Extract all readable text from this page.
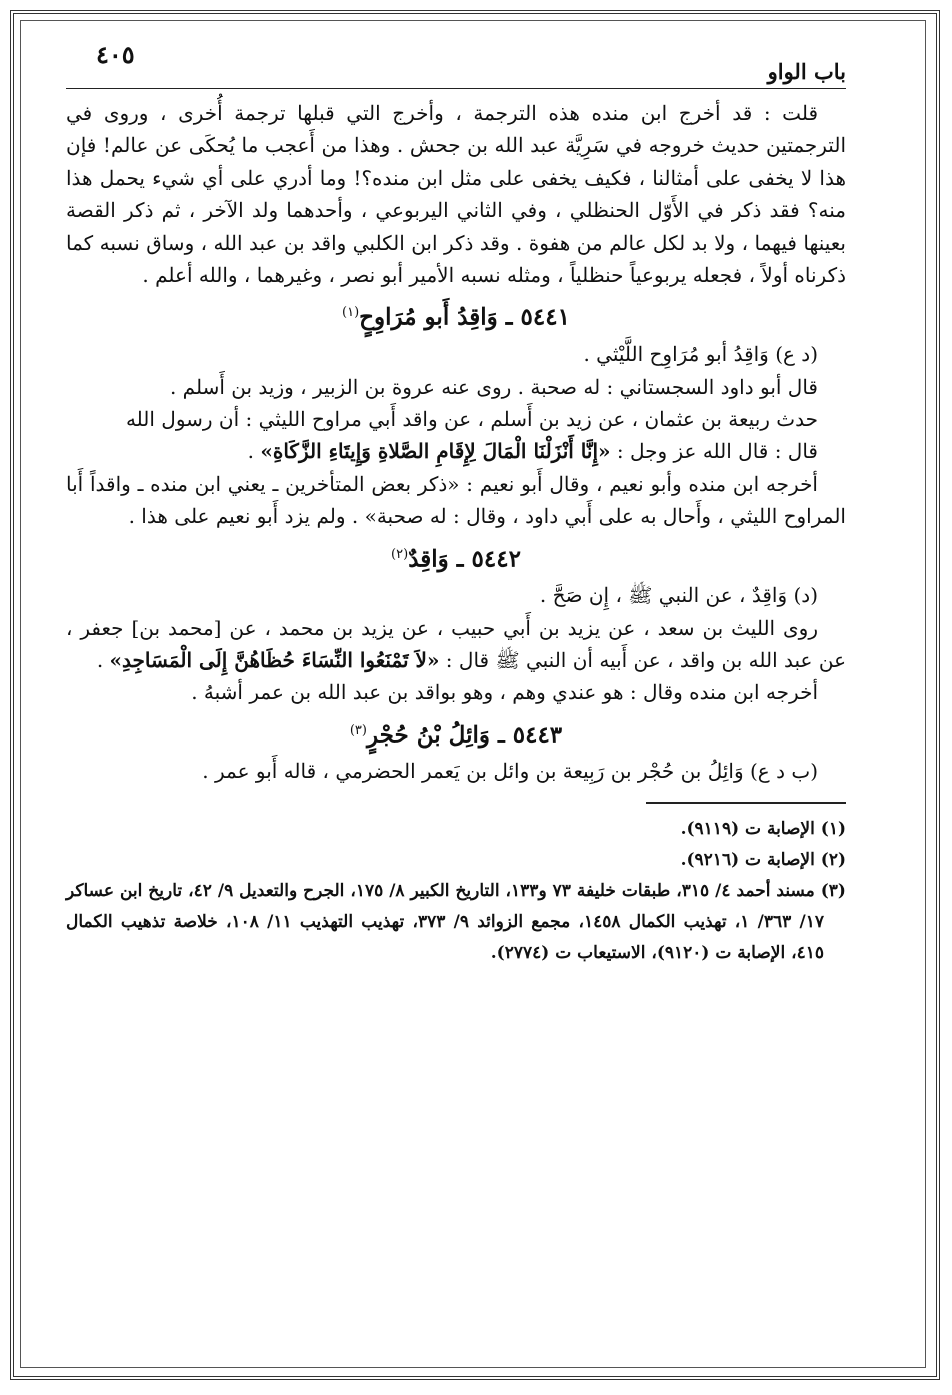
باب الواو
٤٠٥

قلت : قد أخرج ابن منده هذه الترجمة ، وأخرج التي قبلها ترجمة أُخرى ، وروى في الترجمتين حديث خروجه في سَرِيَّة عبد الله بن جحش . وهذا من أَعجب ما يُحكَى عن عالم! فإن هذا لا يخفى على أمثالنا ، فكيف يخفى على مثل ابن منده؟! وما أدري على أي شيء يحمل هذا منه؟ فقد ذكر في الأَوّل الحنظلي ، وفي الثاني اليربوعي ، وأحدهما ولد الآخر ، ثم ذكر القصة بعينها فيهما ، ولا بد لكل عالم من هفوة . وقد ذكر ابن الكلبي واقد بن عبد الله ، وساق نسبه كما ذكرناه أولاً ، فجعله يربوعياً حنظلياً ، ومثله نسبه الأمير أبو نصر ، وغيرهما ، والله أعلم .

٥٤٤١ ـ وَاقِدُ أَبو مُرَاوِحٍ$^{(١)}$

(د ع) وَاقِدُ أبو مُرَاوِح اللَّيْثي .

قال أبو داود السجستاني : له صحبة . روى عنه عروة بن الزبير ، وزيد بن أَسلم .

حدث ربيعة بن عثمان ، عن زيد بن أَسلم ، عن واقد أَبي مراوح الليثي : أن رسول الله

قال : قال الله عز وجل : «إِنَّا أَنْزَلْنَا الْمَالَ لِإِقَامِ الصَّلاةِ وَإِيتَاءِ الزَّكَاةِ» .

أخرجه ابن منده وأبو نعيم ، وقال أَبو نعيم : «ذكر بعض المتأخرين ـ يعني ابن منده ـ واقداً أَبا المراوح الليثي ، وأَحال به على أَبي داود ، وقال : له صحبة» . ولم يزد أَبو نعيم على هذا .

٥٤٤٢ ـ وَاقِدٌ$^{(٢)}$

(د) وَاقِدٌ ، عن النبي ﷺ ، إِن صَحَّ .

روى الليث بن سعد ، عن يزيد بن أَبي حبيب ، عن يزيد بن محمد ، عن [محمد بن] جعفر ، عن عبد الله بن واقد ، عن أَبيه أن النبي ﷺ قال : «لاَ تَمْنَعُوا النِّسَاءَ حُظَاهُنَّ إِلَى الْمَسَاجِدِ» .

أخرجه ابن منده وقال : هو عندي وهم ، وهو بواقد بن عبد الله بن عمر أشبهُ .

٥٤٤٣ ـ وَائِلُ بْنُ حُجْرٍ$^{(٣)}$

(ب د ع) وَائِلُ بن حُجْر بن رَبِيعة بن وائل بن يَعمر الحضرمي ، قاله أَبو عمر .

(١) الإصابة ت (٩١١٩).

(٢) الإصابة ت (٩٢١٦).

(٣) مسند أحمد ٤/ ٣١٥، طبقات خليفة ٧٣ و١٣٣، التاريخ الكبير ٨/ ١٧٥، الجرح والتعديل ٩/ ٤٢، تاريخ ابن عساكر ١٧/ ٣٦٣/ ١، تهذيب الكمال ١٤٥٨، مجمع الزوائد ٩/ ٣٧٣، تهذيب التهذيب ١١/ ١٠٨، خلاصة تذهيب الكمال ٤١٥، الإصابة ت (٩١٢٠)، الاستيعاب ت (٢٧٧٤).
